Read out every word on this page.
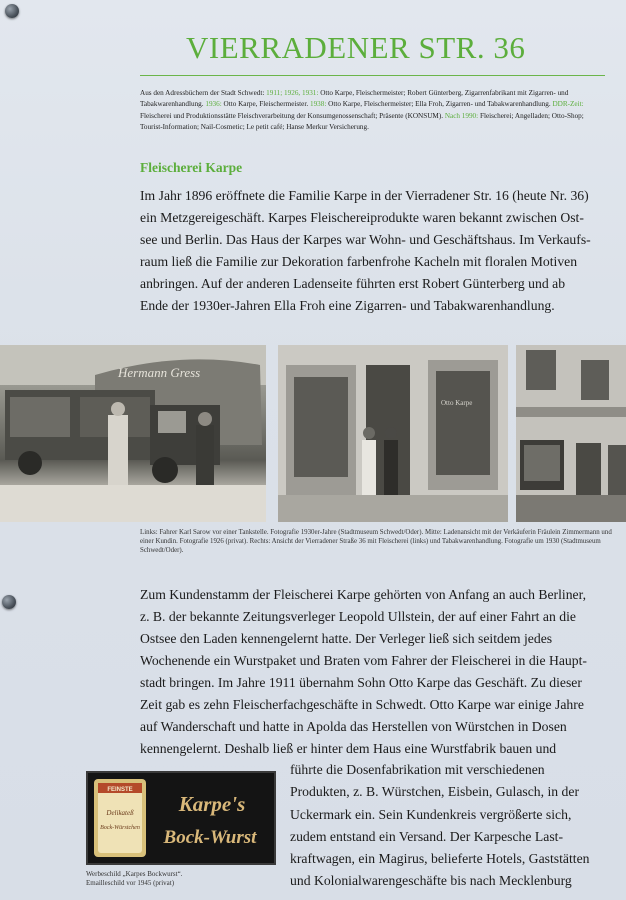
VIERRADENER STR. 36

Aus den Adressbüchern der Stadt Schwedt: 1911; 1926, 1931: Otto Karpe, Fleischermeister; Robert Günterberg, Zigarrenfabrikant mit Zigarren- und Tabakwarenhandlung. 1936: Otto Karpe, Fleischermeister. 1938: Otto Karpe, Fleischermeister; Ella Froh, Zigarren- und Tabakwarenhandlung. DDR-Zeit: Fleischerei und Produktionsstätte Fleischverarbeitung der Konsumgenossenschaft; Präsente (KONSUM). Nach 1990: Fleischerei; Angelladen; Otto-Shop; Tourist-Information; Nail-Cosmetic; Le petit café; Hanse Merkur Versicherung.

Fleischerei Karpe
Im Jahr 1896 eröffnete die Familie Karpe in der Vierradener Str. 16 (heute Nr. 36)
ein Metzgereigeschäft. Karpes Fleischereiprodukte waren bekannt zwischen Ost-
see und Berlin. Das Haus der Karpes war Wohn- und Geschäftshaus. Im Verkaufs-
raum ließ die Familie zur Dekoration farbenfrohe Kacheln mit floralen Motiven
anbringen. Auf der anderen Ladenseite führten erst Robert Günterberg und ab
Ende der 1930er-Jahren Ella Froh eine Zigarren- und Tabakwarenhandlung.
Hermann Gress
Otto Karpe

Links: Fahrer Karl Sarow vor einer Tankstelle. Fotografie 1930er-Jahre (Stadtmuseum Schwedt/Oder). Mitte: Ladenansicht mit der Verkäuferin Fräulein Zimmermann und einer Kundin. Fotografie 1926 (privat). Rechts: Ansicht der Vierradener Straße 36 mit Fleischerei (links) und Tabakwarenhandlung. Fotografie um 1930 (Stadtmuseum Schwedt/Oder).

Zum Kundenstamm der Fleischerei Karpe gehörten von Anfang an auch Berliner,
z. B. der bekannte Zeitungsverleger Leopold Ullstein, der auf einer Fahrt an die
Ostsee den Laden kennengelernt hatte. Der Verleger ließ sich seitdem jedes
Wochenende ein Wurstpaket und Braten vom Fahrer der Fleischerei in die Haupt-
stadt bringen. Im Jahre 1911 übernahm Sohn Otto Karpe das Geschäft. Zu dieser
Zeit gab es zehn Fleischerfachgeschäfte in Schwedt. Otto Karpe war einige Jahre
auf Wanderschaft und hatte in Apolda das Herstellen von Würstchen in Dosen
kennengelernt. Deshalb ließ er hinter dem Haus eine Wurstfabrik bauen und
FEINSTE
Delikateß
Bock-Würstchen
Karpe's
Bock-Wurst
Werbeschild „Karpes Bockwurst“.
Emailleschild vor 1945 (privat)
führte die Dosenfabrikation mit verschiedenen
Produkten, z. B. Würstchen, Eisbein, Gulasch, in der
Uckermark ein. Sein Kundenkreis vergrößerte sich,
zudem entstand ein Versand. Der Karpesche Last-
kraftwagen, ein Magirus, belieferte Hotels, Gaststätten
und Kolonialwarengeschäfte bis nach Mecklenburg
